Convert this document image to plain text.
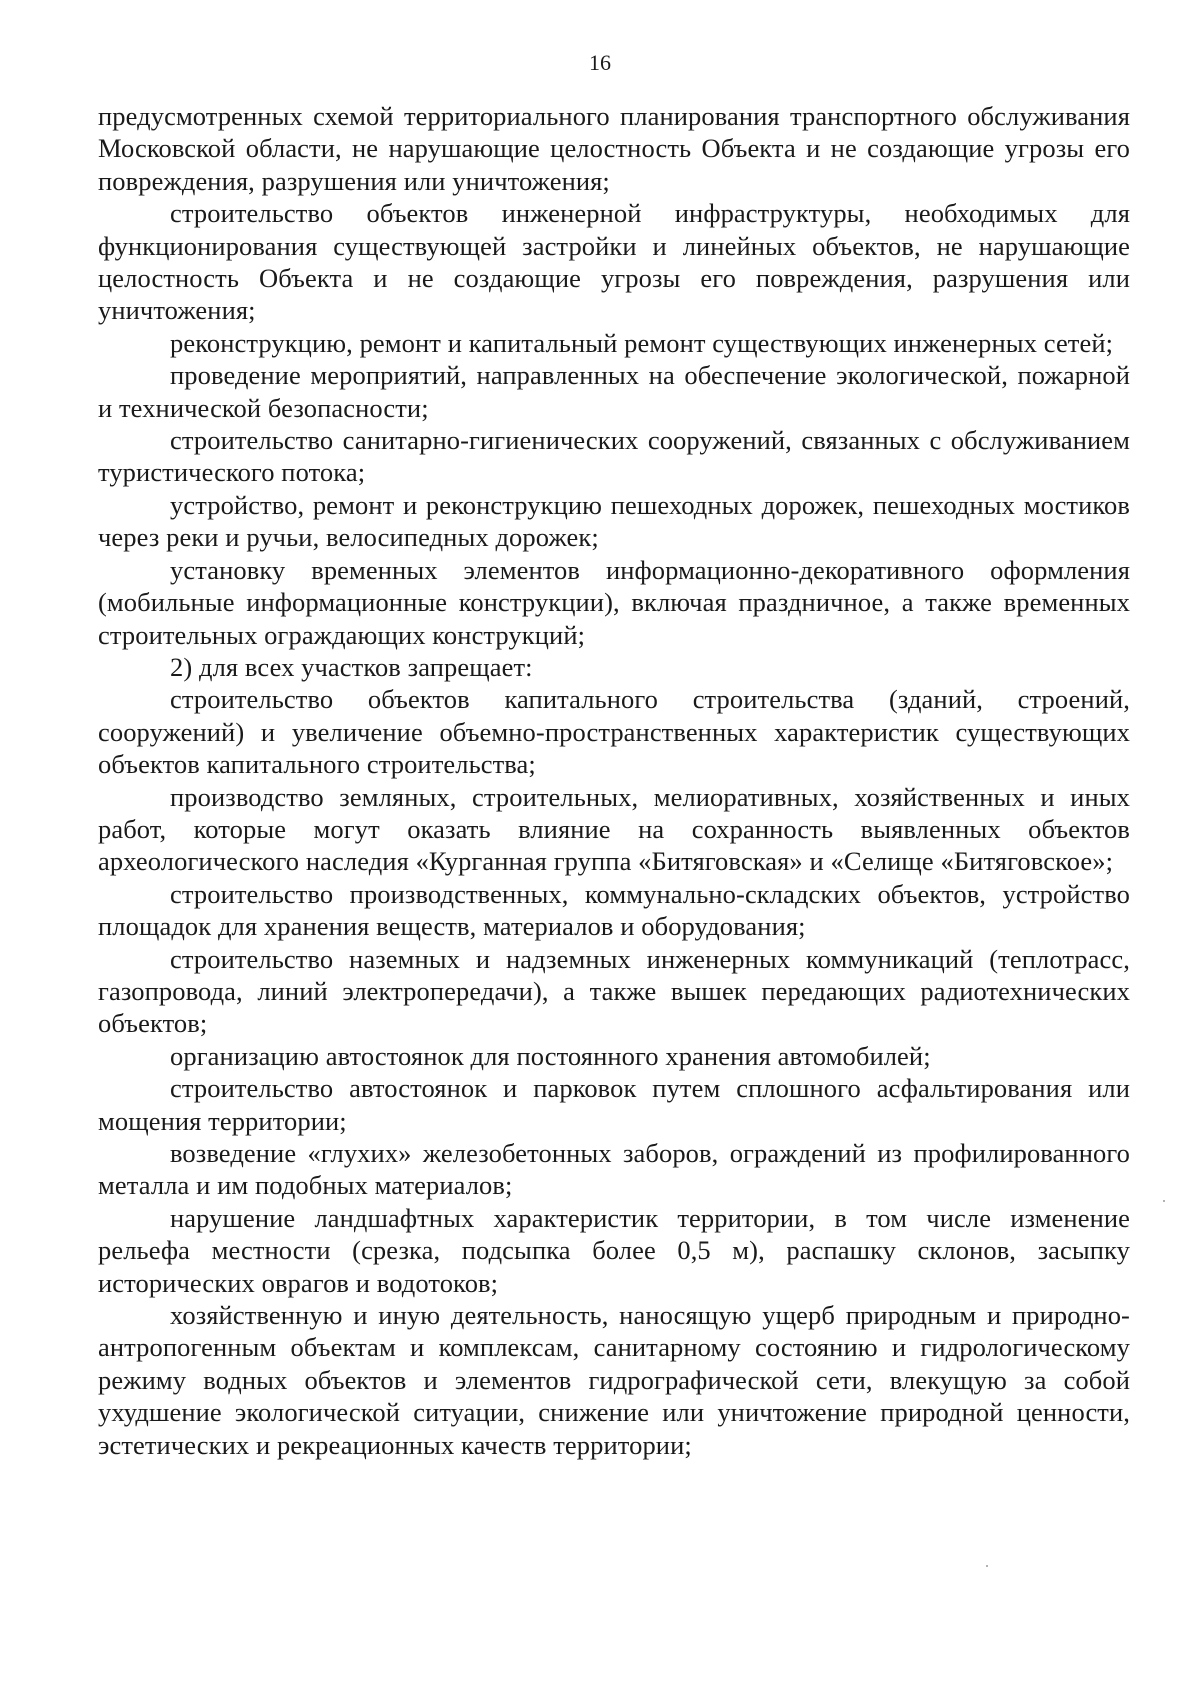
16

предусмотренных схемой территориального планирования транспортного обслуживания Московской области, не нарушающие целостность Объекта и не создающие угрозы его повреждения, разрушения или уничтожения;

строительство объектов инженерной инфраструктуры, необходимых для функционирования существующей застройки и линейных объектов, не нарушающие целостность Объекта и не создающие угрозы его повреждения, разрушения или уничтожения;

реконструкцию, ремонт и капитальный ремонт существующих инженерных сетей;

проведение мероприятий, направленных на обеспечение экологической, пожарной и технической безопасности;

строительство санитарно-гигиенических сооружений, связанных с обслуживанием туристического потока;

устройство, ремонт и реконструкцию пешеходных дорожек, пешеходных мостиков через реки и ручьи, велосипедных дорожек;

установку временных элементов информационно-декоративного оформления (мобильные информационные конструкции), включая праздничное, а также временных строительных ограждающих конструкций;

2) для всех участков запрещает:

строительство объектов капитального строительства (зданий, строений, сооружений) и увеличение объемно-пространственных характеристик существующих объектов капитального строительства;

производство земляных, строительных, мелиоративных, хозяйственных и иных работ, которые могут оказать влияние на сохранность выявленных объектов археологического наследия «Курганная группа «Битяговская» и «Селище «Битяговское»;

строительство производственных, коммунально-складских объектов, устройство площадок для хранения веществ, материалов и оборудования;

строительство наземных и надземных инженерных коммуникаций (теплотрасс, газопровода, линий электропередачи), а также вышек передающих радиотехнических объектов;

организацию автостоянок для постоянного хранения автомобилей;

строительство автостоянок и парковок путем сплошного асфальтирования или мощения территории;

возведение «глухих» железобетонных заборов, ограждений из профилированного металла и им подобных материалов;

нарушение ландшафтных характеристик территории, в том числе изменение рельефа местности (срезка, подсыпка более 0,5 м), распашку склонов, засыпку исторических оврагов и водотоков;

хозяйственную и иную деятельность, наносящую ущерб природным и природно-антропогенным объектам и комплексам, санитарному состоянию и гидрологическому режиму водных объектов и элементов гидрографической сети, влекущую за собой ухудшение экологической ситуации, снижение или уничтожение природной ценности, эстетических и рекреационных качеств территории;
